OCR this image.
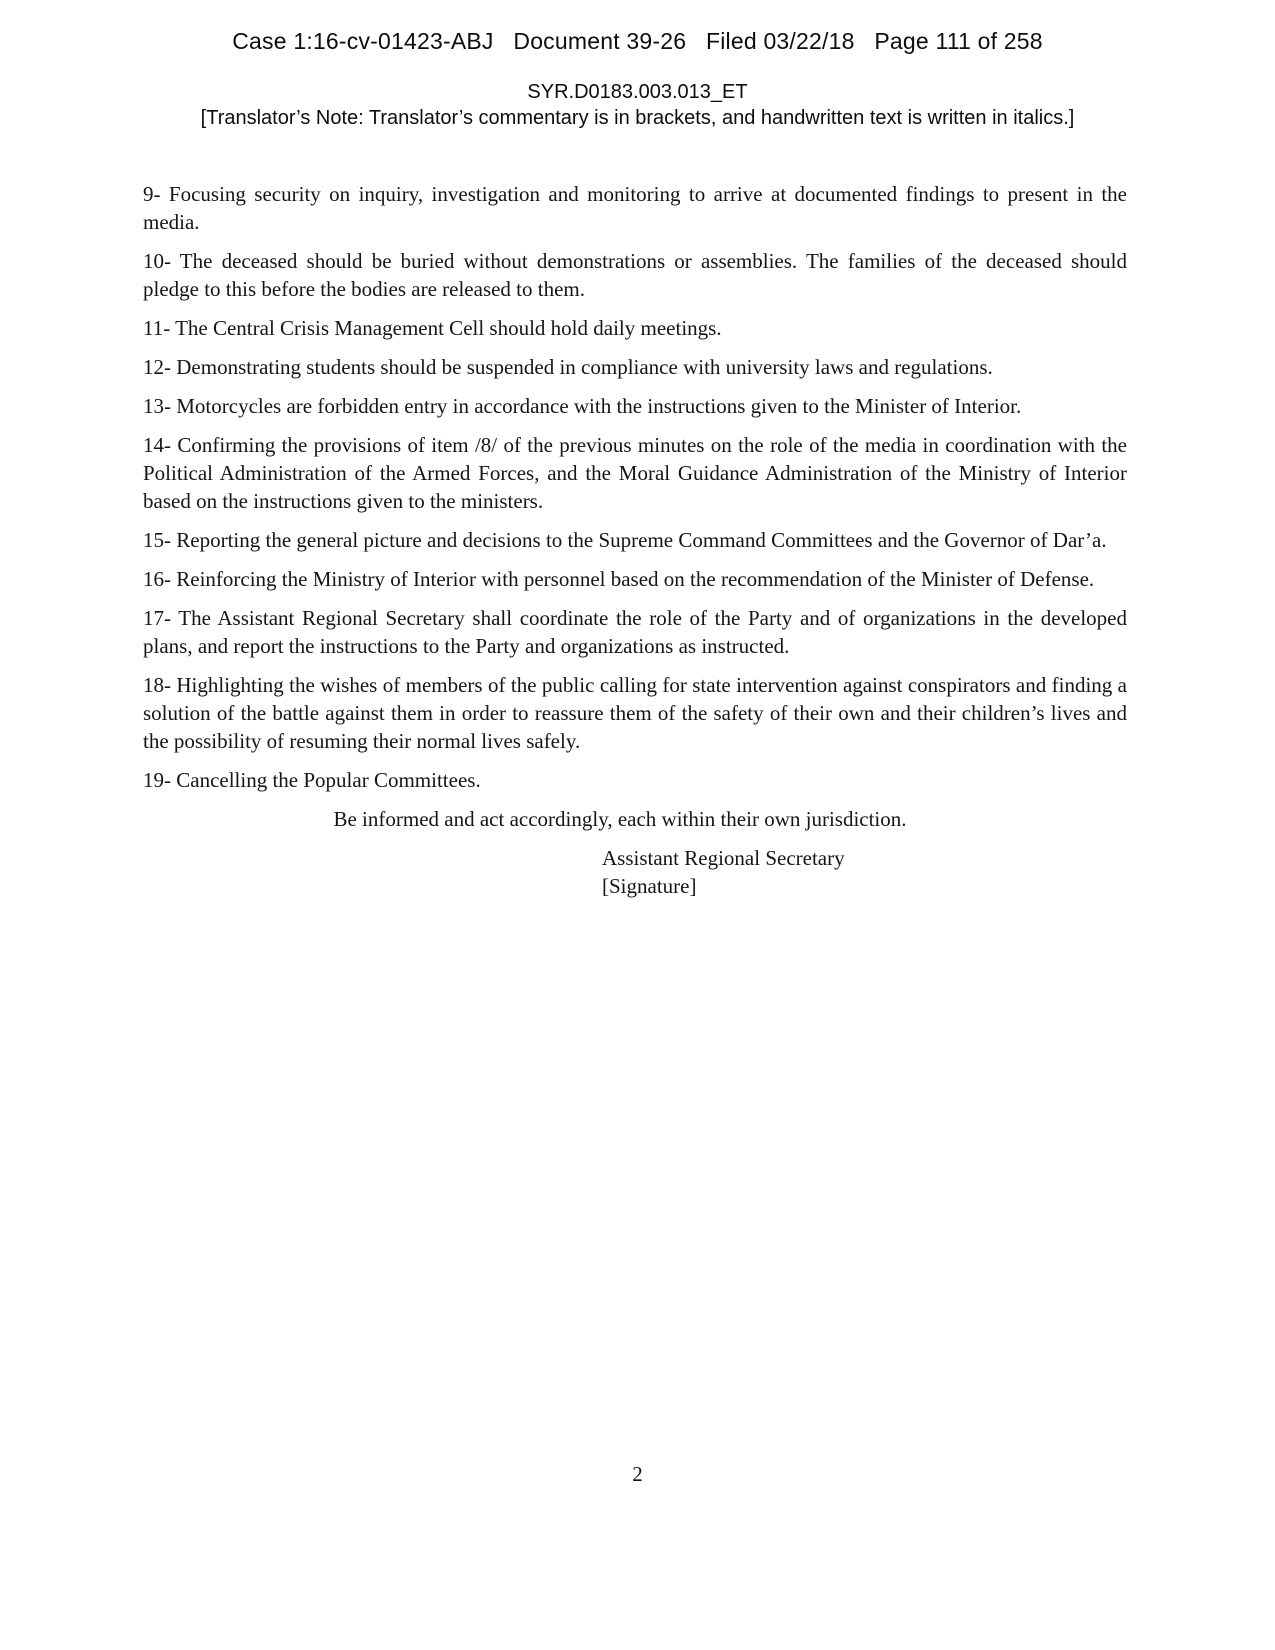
Case 1:16-cv-01423-ABJ   Document 39-26   Filed 03/22/18   Page 111 of 258
SYR.D0183.003.013_ET
[Translator’s Note: Translator’s commentary is in brackets, and handwritten text is written in italics.]

9- Focusing security on inquiry, investigation and monitoring to arrive at documented findings to present in the media.

10- The deceased should be buried without demonstrations or assemblies. The families of the deceased should pledge to this before the bodies are released to them.

11- The Central Crisis Management Cell should hold daily meetings.

12- Demonstrating students should be suspended in compliance with university laws and regulations.

13- Motorcycles are forbidden entry in accordance with the instructions given to the Minister of Interior.

14- Confirming the provisions of item /8/ of the previous minutes on the role of the media in coordination with the Political Administration of the Armed Forces, and the Moral Guidance Administration of the Ministry of Interior based on the instructions given to the ministers.

15- Reporting the general picture and decisions to the Supreme Command Committees and the Governor of Dar’a.

16- Reinforcing the Ministry of Interior with personnel based on the recommendation of the Minister of Defense.

17- The Assistant Regional Secretary shall coordinate the role of the Party and of organizations in the developed plans, and report the instructions to the Party and organizations as instructed.

18- Highlighting the wishes of members of the public calling for state intervention against conspirators and finding a solution of the battle against them in order to reassure them of the safety of their own and their children’s lives and the possibility of resuming their normal lives safely.

19- Cancelling the Popular Committees.

Be informed and act accordingly, each within their own jurisdiction.

Assistant Regional Secretary
[Signature]
2
